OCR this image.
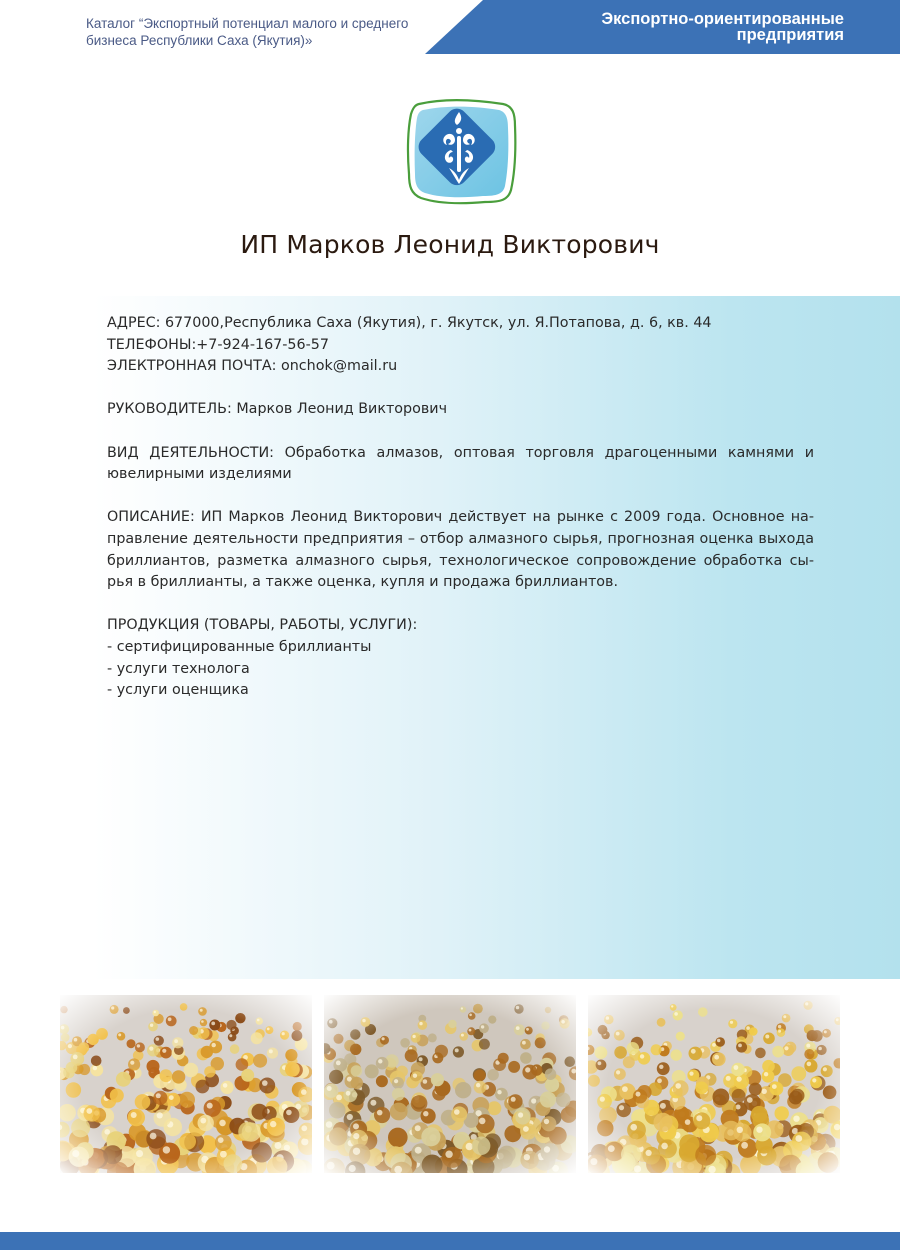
Каталог “Экспортный потенциал малого и среднего
бизнеса Республики Саха (Якутия)»
Экспортно-ориентированные
предприятия
ИП Марков Леонид Викторович
АДРЕС: 677000,Республика Саха (Якутия), г. Якутск, ул. Я.Потапова, д. 6, кв. 44
ТЕЛЕФОНЫ:+7-924-167-56-57
ЭЛЕКТРОННАЯ ПОЧТА: onchok@mail.ru
РУКОВОДИТЕЛЬ: Марков Леонид Викторович
ВИД ДЕЯТЕЛЬНОСТИ: Обработка алмазов, оптовая торговля драгоценными камнями и ювелирными изделиями
ОПИСАНИЕ: ИП Марков Леонид Викторович действует на рынке с 2009 года. Основное направление деятельности предприятия – отбор алмазного сырья, прогнозная оценка выхода бриллиантов, разметка алмазного сырья, технологическое сопровождение обработка сырья в бриллианты, а также оценка, купля и продажа бриллиантов.
ПРОДУКЦИЯ (ТОВАРЫ, РАБОТЫ, УСЛУГИ):
- сертифицированные бриллианты
- услуги технолога
- услуги оценщика
